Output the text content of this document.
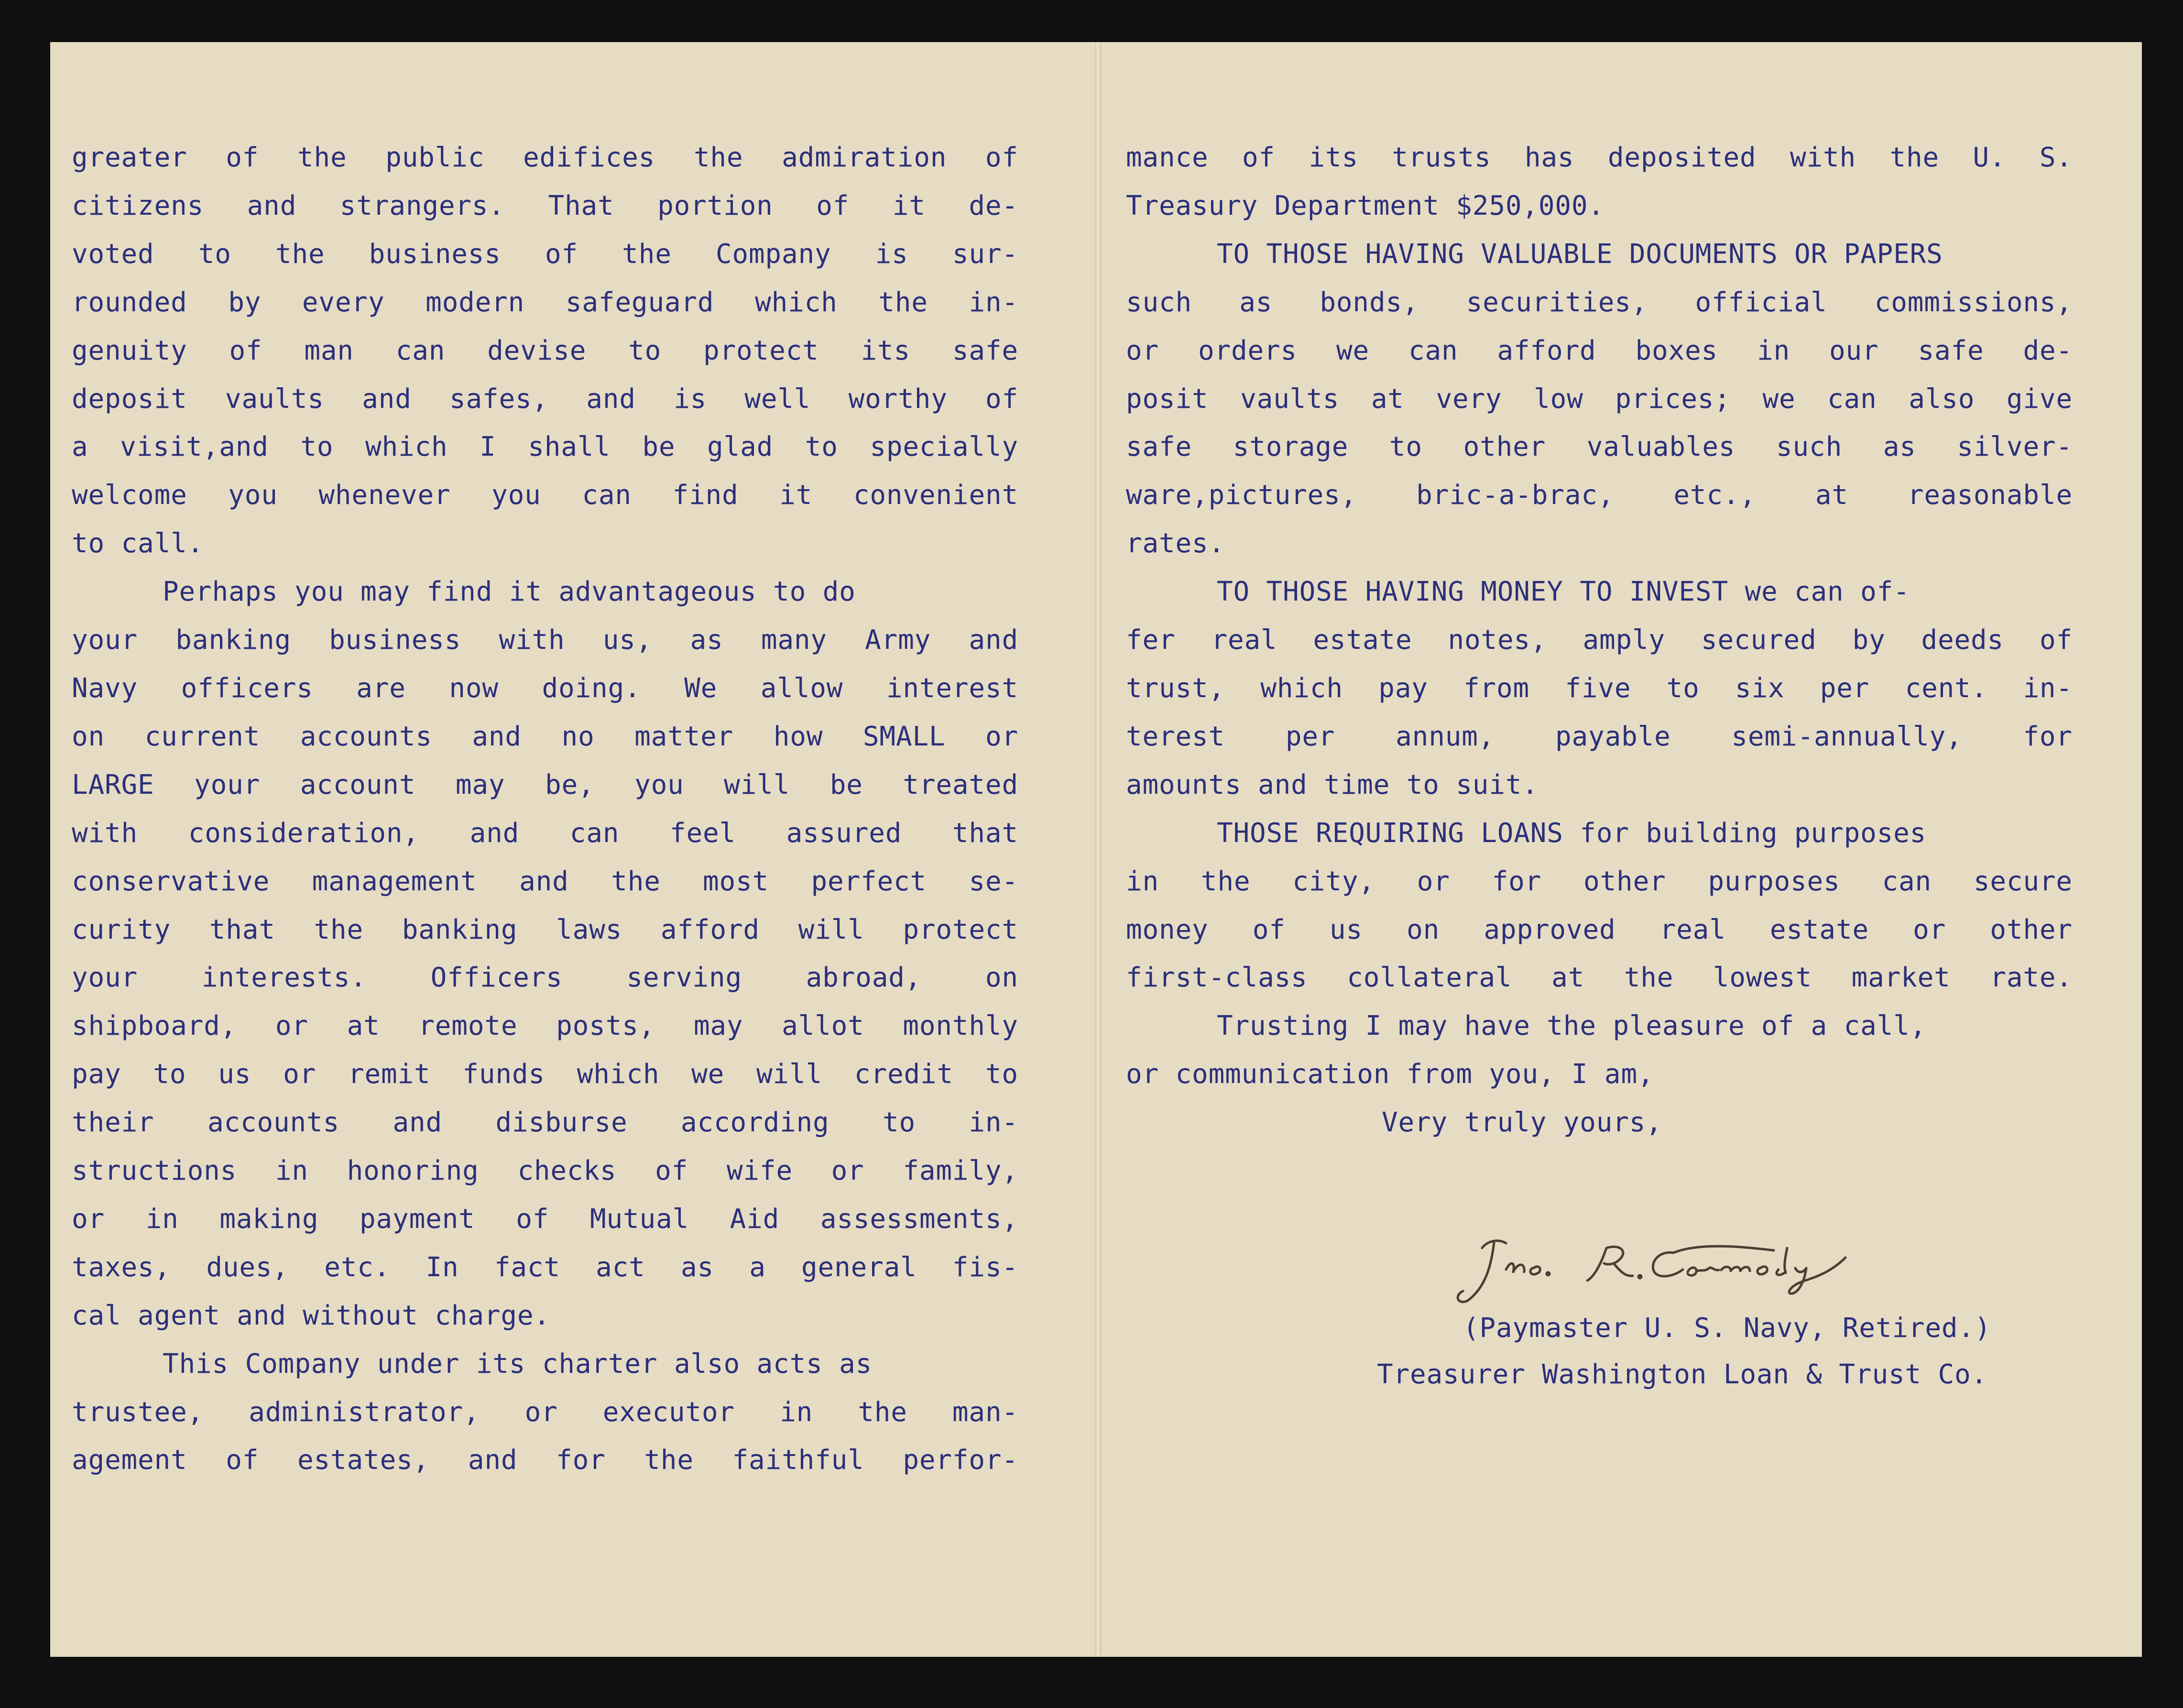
greater of the public edifices the admiration of
citizens and strangers. That portion of it de-
voted to the business of the Company is sur-
rounded by every modern safeguard which the in-
genuity of man can devise to protect its safe
deposit vaults and safes, and is well worthy of
a visit,and to which I shall be glad to specially
welcome you whenever you can find it convenient
to call.
Perhaps you may find it advantageous to do
your banking business with us, as many Army and
Navy officers are now doing. We allow interest
on current accounts and no matter how SMALL or
LARGE your account may be, you will be treated
with consideration, and can feel assured that
conservative management and the most perfect se-
curity that the banking laws afford will protect
your interests. Officers serving abroad, on
shipboard, or at remote posts, may allot monthly
pay to us or remit funds which we will credit to
their accounts and disburse according to in-
structions in honoring checks of wife or family,
or in making payment of Mutual Aid assessments,
taxes, dues, etc. In fact act as a general fis-
cal agent and without charge.
This Company under its charter also acts as
trustee, administrator, or executor in the man-
agement of estates, and for the faithful perfor-
mance of its trusts has deposited with the U. S.
Treasury Department $250,000.
TO THOSE HAVING VALUABLE DOCUMENTS OR PAPERS
such as bonds, securities, official commissions,
or orders we can afford boxes in our safe de-
posit vaults at very low prices; we can also give
safe storage to other valuables such as silver-
ware,pictures, bric-a-brac, etc., at reasonable
rates.
TO THOSE HAVING MONEY TO INVEST we can of-
fer real estate notes, amply secured by deeds of
trust, which pay from five to six per cent. in-
terest per annum, payable semi-annually, for
amounts and time to suit.
THOSE REQUIRING LOANS for building purposes
in the city, or for other purposes can secure
money of us on approved real estate or other
first-class collateral at the lowest market rate.
Trusting I may have the pleasure of a call,
or communication from you, I am,
Very truly yours,
(Paymaster U. S. Navy, Retired.)
Treasurer Washington Loan & Trust Co.
